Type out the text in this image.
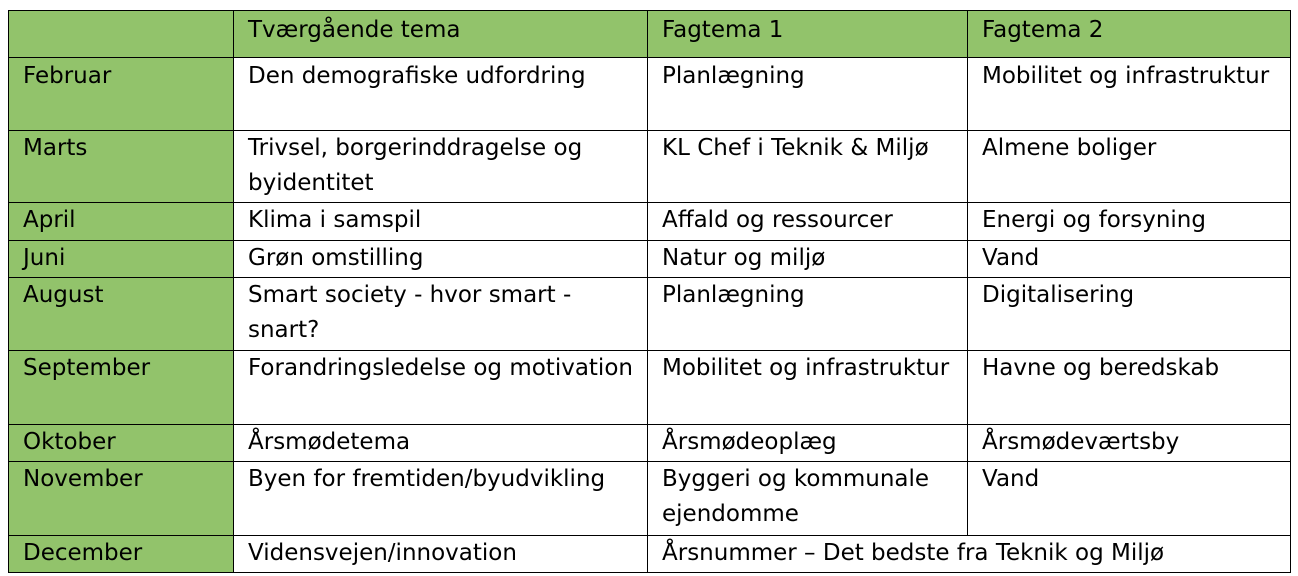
	Tværgående tema	Fagtema 1	Fagtema 2
Februar	Den demografiske udfordring	Planlægning	Mobilitet og infrastruktur
Marts	Trivsel, borgerinddragelse og byidentitet	KL Chef i Teknik & Miljø	Almene boliger
April	Klima i samspil	Affald og ressourcer	Energi og forsyning
Juni	Grøn omstilling	Natur og miljø	Vand
August	Smart society - hvor smart - snart?	Planlægning	Digitalisering
September	Forandringsledelse og motivation	Mobilitet og infrastruktur	Havne og beredskab
Oktober	Årsmødetema	Årsmødeoplæg	Årsmødeværtsby
November	Byen for fremtiden/byudvikling	Byggeri og kommunale ejendomme	Vand
December	Vidensvejen/innovation	Årsnummer – Det bedste fra Teknik og Miljø	
